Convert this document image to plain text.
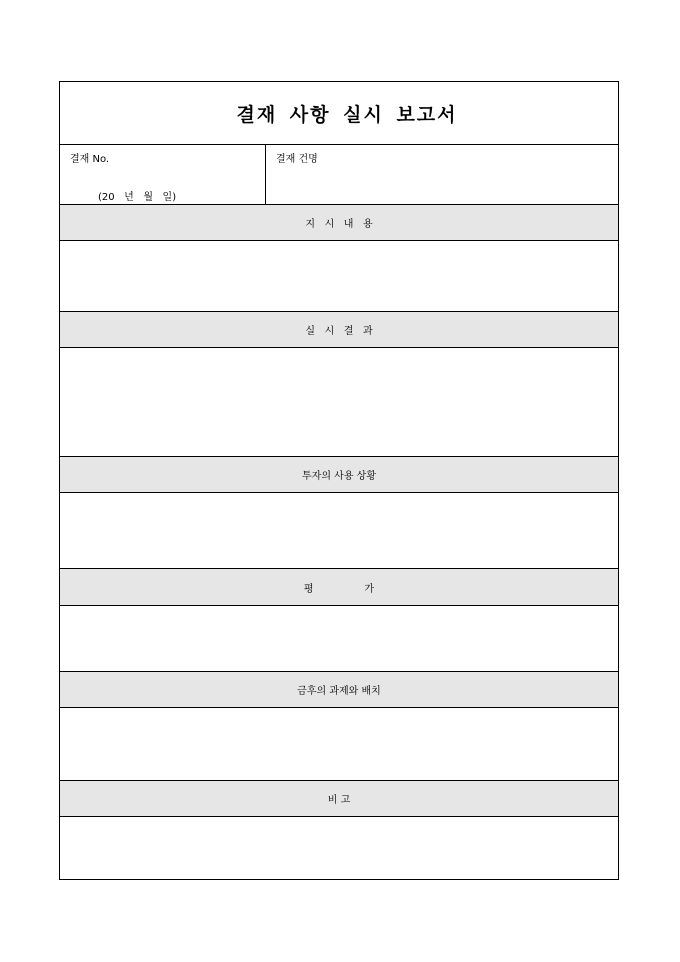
결재 사항 실시 보고서
결재 No.
(20   년   월   일)
결재 건명
지   시   내   용
실   시   결   과
투자의 사용 상황
평                가
금후의 과제와 배치
비 고
